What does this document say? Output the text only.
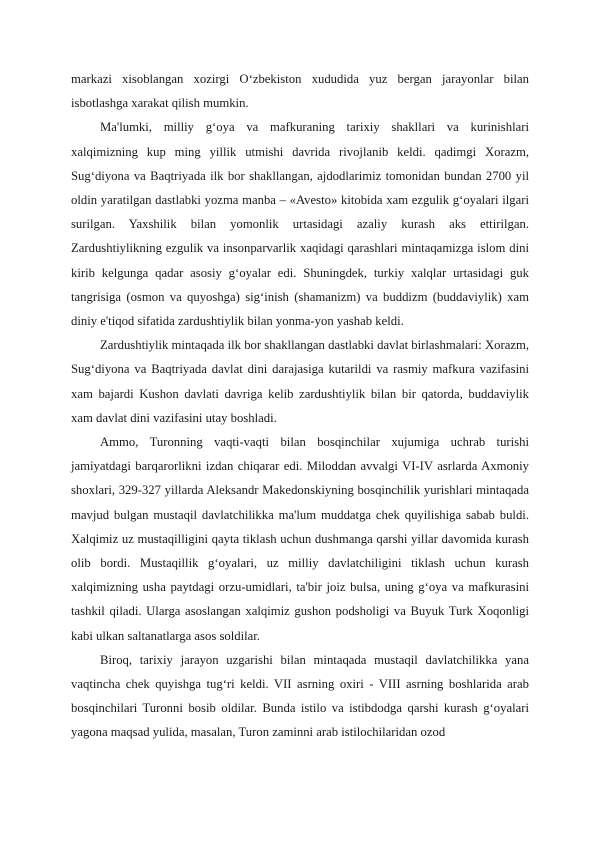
markazi xisoblangan xozirgi O‘zbekiston xududida yuz bergan jarayonlar bilan isbotlashga xarakat qilish mumkin.

Ma'lumki, milliy g‘oya va mafkuraning tarixiy shakllari va kurinishlari xalqimizning kup ming yillik utmishi davrida rivojlanib keldi. qadimgi Xorazm, Sug‘diyona va Baqtriyada ilk bor shakllangan, ajdodlarimiz tomonidan bundan 2700 yil oldin yaratilgan dastlabki yozma manba – «Avesto» kitobida xam ezgulik g‘oyalari ilgari surilgan. Yaxshilik bilan yomonlik urtasidagi azaliy kurash aks ettirilgan. Zardushtiylikning ezgulik va insonparvarlik xaqidagi qarashlari mintaqamizga islom dini kirib kelgunga qadar asosiy g‘oyalar edi. Shuningdek, turkiy xalqlar urtasidagi guk tangrisiga (osmon va quyoshga) sig‘inish (shamanizm) va buddizm (buddaviylik) xam diniy e'tiqod sifatida zardushtiylik bilan yonma-yon yashab keldi.

Zardushtiylik mintaqada ilk bor shakllangan dastlabki davlat birlashmalari: Xorazm, Sug‘diyona va Baqtriyada davlat dini darajasiga kutarildi va rasmiy mafkura vazifasini xam bajardi Kushon davlati davriga kelib zardushtiylik bilan bir qatorda, buddaviylik xam davlat dini vazifasini utay boshladi.

Ammo, Turonning vaqti-vaqti bilan bosqinchilar xujumiga uchrab turishi jamiyatdagi barqarorlikni izdan chiqarar edi. Miloddan avvalgi VI-IV asrlarda Axmoniy shoxlari, 329-327 yillarda Aleksandr Makedonskiyning bosqinchilik yurishlari mintaqada mavjud bulgan mustaqil davlatchilikka ma'lum muddatga chek quyilishiga sabab buldi. Xalqimiz uz mustaqilligini qayta tiklash uchun dushmanga qarshi yillar davomida kurash olib bordi. Mustaqillik g‘oyalari, uz milliy davlatchiligini tiklash uchun kurash xalqimizning usha paytdagi orzu-umidlari, ta'bir joiz bulsa, uning g‘oya va mafkurasini tashkil qiladi. Ularga asoslangan xalqimiz gushon podsholigi va Buyuk Turk Xoqonligi kabi ulkan saltanatlarga asos soldilar.

Biroq, tarixiy jarayon uzgarishi bilan mintaqada mustaqil davlatchilikka yana vaqtincha chek quyishga tug‘ri keldi. VII asrning oxiri - VIII asrning boshlarida arab bosqinchilari Turonni bosib oldilar. Bunda istilo va istibdodga qarshi kurash g‘oyalari yagona maqsad yulida, masalan, Turon zaminni arab istilochilaridan ozod
